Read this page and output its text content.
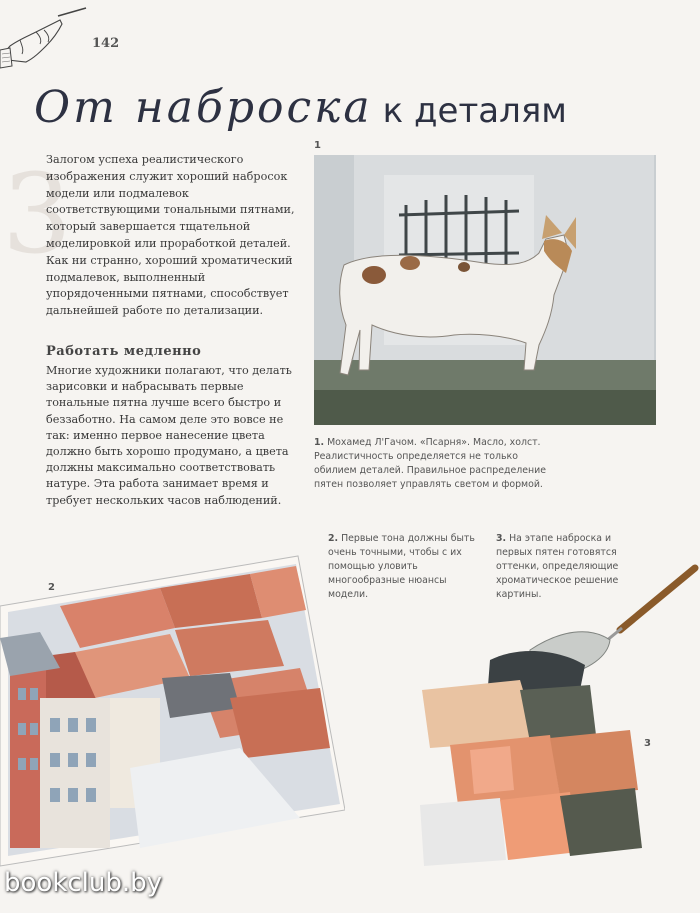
142
От наброска к деталям
3
Залогом успеха реалистического изображения служит хороший набросок модели или подмалевок соответствующими тональными пятнами, который завершается тщательной моделировкой или проработкой деталей. Как ни странно, хороший хроматический подмалевок, выполненный упорядоченными пятнами, способствует дальнейшей работе по детализации.
Работать медленно
Многие художники полагают, что делать зарисовки и набрасывать первые тональные пятна лучше всего быстро и беззаботно. На самом деле это вовсе не так: именно первое нанесение цвета должно быть хорошо продумано, а цвета должны максимально соответствовать натуре. Эта работа занимает время и требует нескольких часов наблюдений.
1
1. Мохамед Л'Гачом. «Псарня». Масло, холст. Реалистичность определяется не только обилием деталей. Правильное распределение пятен позволяет управлять светом и формой.
2. Первые тона должны быть очень точными, чтобы с их помощью уловить многообразные нюансы модели.
3. На этапе наброска и первых пятен готовятся оттенки, определяющие хроматическое решение картины.
2
3
bookclub.by
